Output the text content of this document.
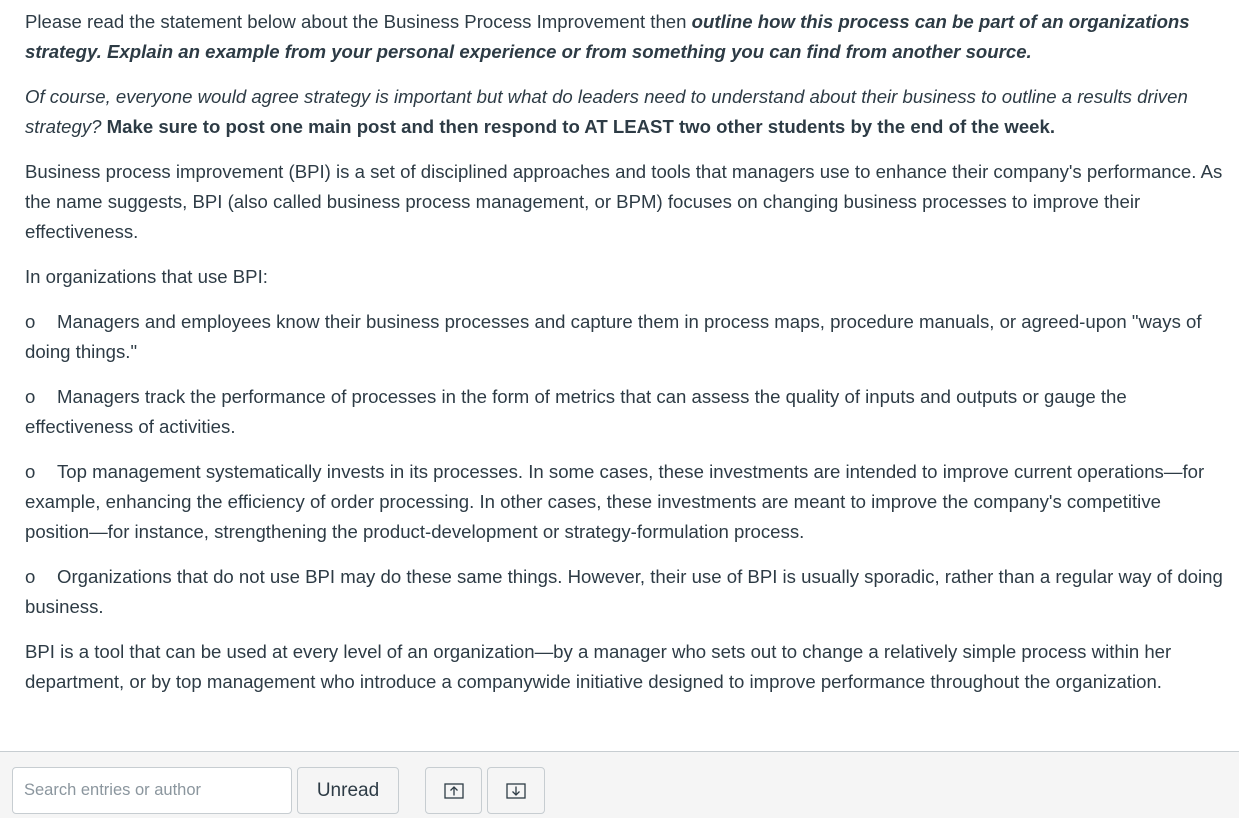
Please read the statement below about the Business Process Improvement then outline how this process can be part of an organizations strategy. Explain an example from your personal experience or from something you can find from another source.

Of course, everyone would agree strategy is important but what do leaders need to understand about their business to outline a results driven strategy? Make sure to post one main post and then respond to AT LEAST two other students by the end of the week.

Business process improvement (BPI) is a set of disciplined approaches and tools that managers use to enhance their company's performance. As the name suggests, BPI (also called business process management, or BPM) focuses on changing business processes to improve their effectiveness.

In organizations that use BPI:

o Managers and employees know their business processes and capture them in process maps, procedure manuals, or agreed-upon "ways of doing things."

o Managers track the performance of processes in the form of metrics that can assess the quality of inputs and outputs or gauge the effectiveness of activities.

o Top management systematically invests in its processes. In some cases, these investments are intended to improve current operations—for example, enhancing the efficiency of order processing. In other cases, these investments are meant to improve the company's competitive position—for instance, strengthening the product-development or strategy-formulation process.

o Organizations that do not use BPI may do these same things. However, their use of BPI is usually sporadic, rather than a regular way of doing business.

BPI is a tool that can be used at every level of an organization—by a manager who sets out to change a relatively simple process within her department, or by top management who introduce a companywide initiative designed to improve performance throughout the organization.

Search entries or author
Unread
